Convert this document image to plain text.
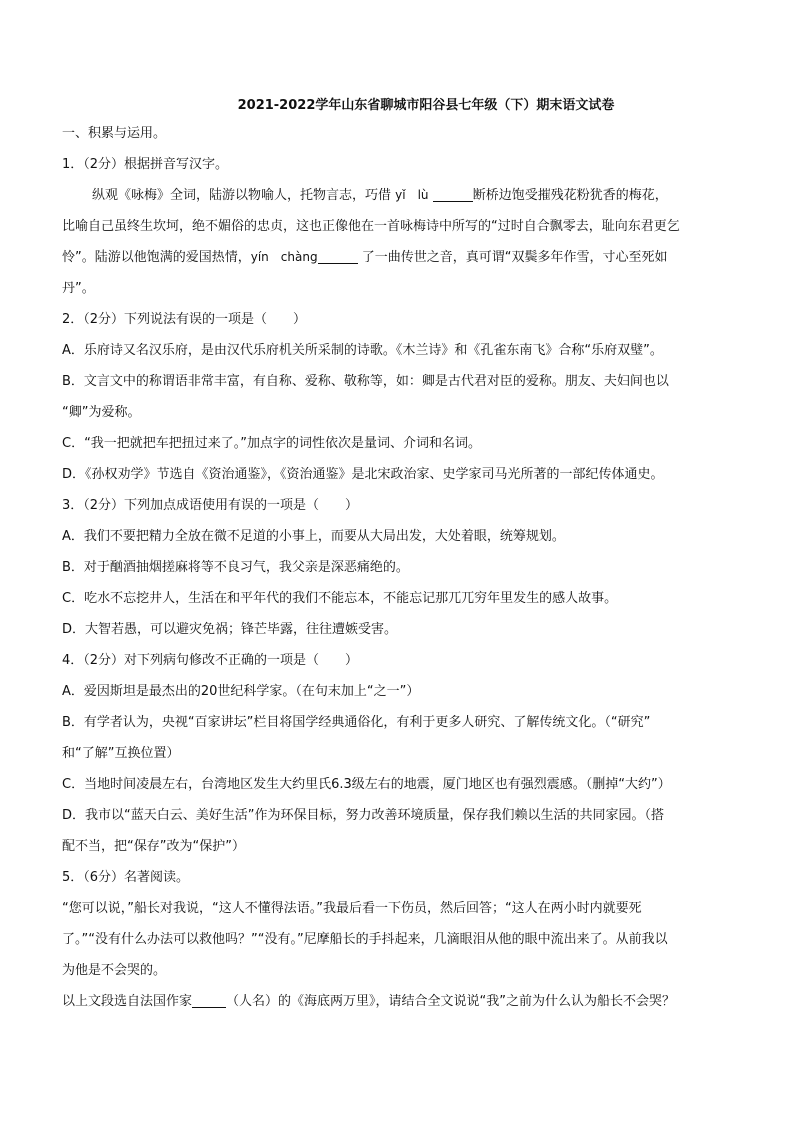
2021-2022学年山东省聊城市阳谷县七年级（下）期末语文试卷
一、积累与运用。
1．（2分）根据拼音写汉字。
纵观《咏梅》全词，陆游以物喻人，托物言志，巧借 yǐ　lù	断桥边饱受摧残花粉犹香的梅花，
比喻自己虽终生坎坷，绝不媚俗的忠贞，这也正像他在一首咏梅诗中所写的“过时自合飘零去，耻向东君更乞
怜”。陆游以他饱满的爱国热情，yín　chàng	了一曲传世之音，真可谓“双鬓多年作雪，寸心至死如
丹”。
2．（2分）下列说法有误的一项是（　　）
A．乐府诗又名汉乐府，是由汉代乐府机关所采制的诗歌。《木兰诗》和《孔雀东南飞》合称“乐府双璧”。
B．文言文中的称谓语非常丰富，有自称、爱称、敬称等，如：卿是古代君对臣的爱称。朋友、夫妇间也以
“卿”为爱称。
C．“我一把就把车把扭过来了。”加点字的词性依次是量词、介词和名词。
D．《孙权劝学》节选自《资治通鉴》，《资治通鉴》是北宋政治家、史学家司马光所著的一部纪传体通史。
3．（2分）下列加点成语使用有误的一项是（　　）
A．我们不要把精力全放在微不足道的小事上，而要从大局出发，大处着眼，统筹规划。
B．对于酗酒抽烟搓麻将等不良习气，我父亲是深恶痛绝的。
C．吃水不忘挖井人，生活在和平年代的我们不能忘本，不能忘记那兀兀穷年里发生的感人故事。
D．大智若愚，可以避灾免祸；锋芒毕露，往往遭嫉受害。
4．（2分）对下列病句修改不正确的一项是（　　）
A．爱因斯坦是最杰出的20世纪科学家。（在句末加上“之一”）
B．有学者认为，央视“百家讲坛”栏目将国学经典通俗化，有利于更多人研究、了解传统文化。（“研究”
和“了解”互换位置）
C．当地时间凌晨左右，台湾地区发生大约里氏6.3级左右的地震，厦门地区也有强烈震感。（删掉“大约”）
D．我市以“蓝天白云、美好生活”作为环保目标，努力改善环境质量，保存我们赖以生活的共同家园。（搭
配不当，把“保存”改为“保护”）
5．（6分）名著阅读。
“您可以说，”船长对我说，“这人不懂得法语。”我最后看一下伤员，然后回答；“这人在两小时内就要死
了。”“没有什么办法可以救他吗？”“没有。”尼摩船长的手抖起来，几滴眼泪从他的眼中流出来了。从前我以
为他是不会哭的。
以上文段选自法国作家	（人名）的《海底两万里》，请结合全文说说“我”之前为什么认为船长不会哭？
